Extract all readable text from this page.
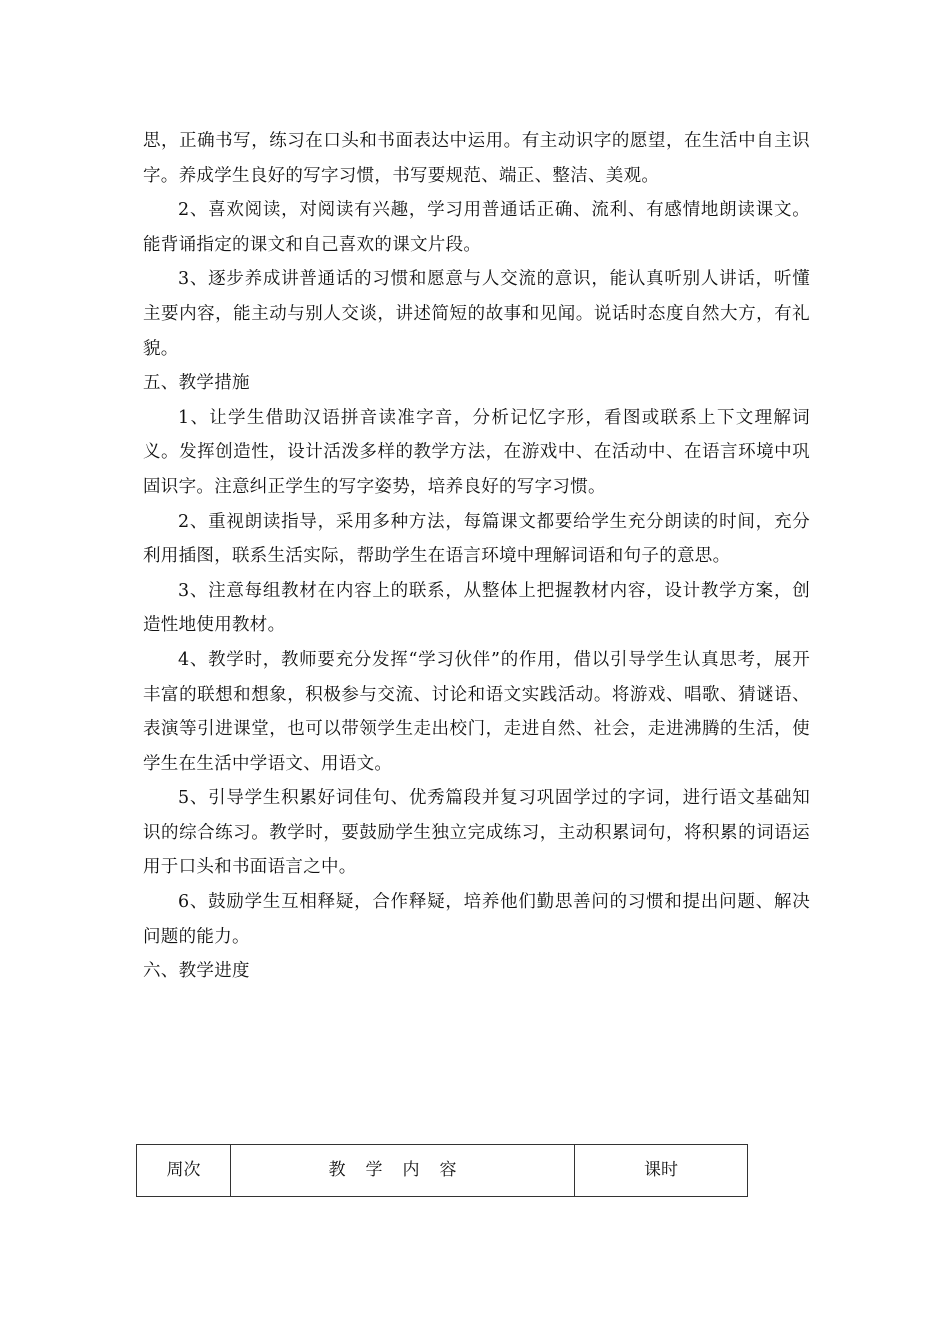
思，正确书写，练习在口头和书面表达中运用。有主动识字的愿望，在生活中自主识字。养成学生良好的写字习惯，书写要规范、端正、整洁、美观。

2、喜欢阅读，对阅读有兴趣，学习用普通话正确、流利、有感情地朗读课文。能背诵指定的课文和自己喜欢的课文片段。

3、逐步养成讲普通话的习惯和愿意与人交流的意识，能认真听别人讲话，听懂主要内容，能主动与别人交谈，讲述简短的故事和见闻。说话时态度自然大方，有礼貌。

五、教学措施

1、让学生借助汉语拼音读准字音，分析记忆字形，看图或联系上下文理解词义。发挥创造性，设计活泼多样的教学方法，在游戏中、在活动中、在语言环境中巩固识字。注意纠正学生的写字姿势，培养良好的写字习惯。

2、重视朗读指导，采用多种方法，每篇课文都要给学生充分朗读的时间，充分利用插图，联系生活实际，帮助学生在语言环境中理解词语和句子的意思。

3、注意每组教材在内容上的联系，从整体上把握教材内容，设计教学方案，创造性地使用教材。

4、教学时，教师要充分发挥“学习伙伴”的作用，借以引导学生认真思考，展开丰富的联想和想象，积极参与交流、讨论和语文实践活动。将游戏、唱歌、猜谜语、表演等引进课堂，也可以带领学生走出校门，走进自然、社会，走进沸腾的生活，使学生在生活中学语文、用语文。

5、引导学生积累好词佳句、优秀篇段并复习巩固学过的字词，进行语文基础知识的综合练习。教学时，要鼓励学生独立完成练习，主动积累词句，将积累的词语运用于口头和书面语言之中。

6、鼓励学生互相释疑，合作释疑，培养他们勤思善问的习惯和提出问题、解决问题的能力。

六、教学进度

周次	教学内容	课时
